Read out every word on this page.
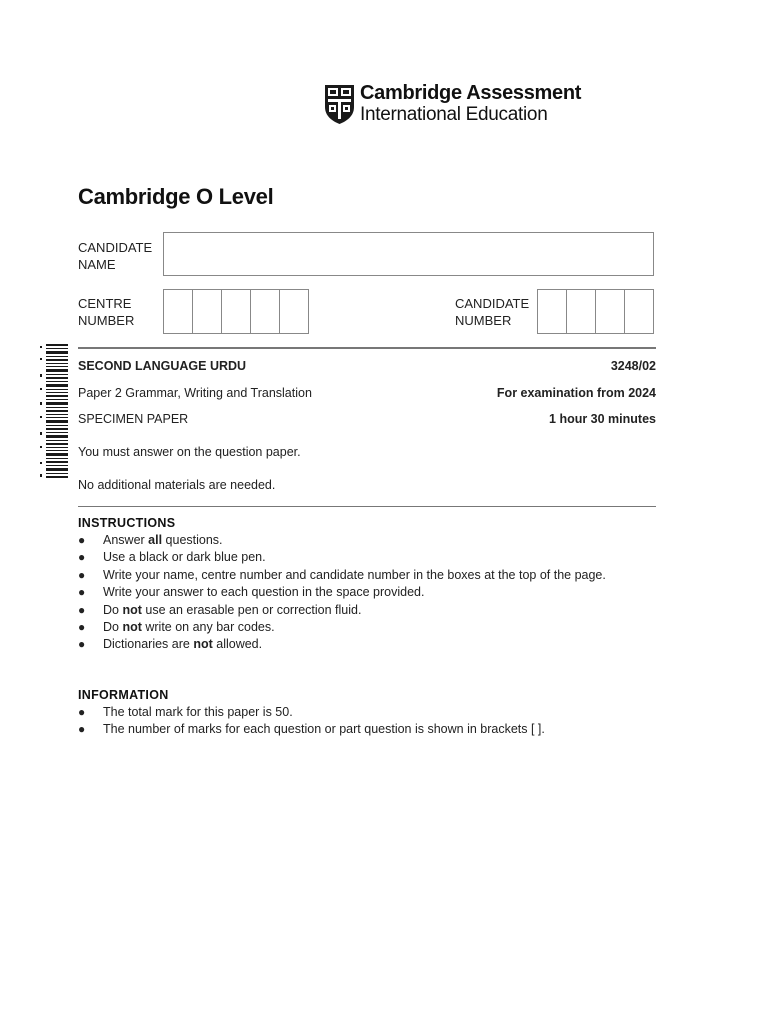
Cambridge Assessment
International Education
Cambridge O Level
CANDIDATE
NAME
CENTRE
NUMBER
CANDIDATE
NUMBER
SECOND LANGUAGE URDU	3248/02
Paper 2 Grammar, Writing and Translation	For examination from 2024
SPECIMEN PAPER	1 hour 30 minutes
You must answer on the question paper.
No additional materials are needed.
INSTRUCTIONS
● Answer all questions.
● Use a black or dark blue pen.
● Write your name, centre number and candidate number in the boxes at the top of the page.
● Write your answer to each question in the space provided.
● Do not use an erasable pen or correction fluid.
● Do not write on any bar codes.
● Dictionaries are not allowed.
INFORMATION
● The total mark for this paper is 50.
● The number of marks for each question or part question is shown in brackets [ ].
